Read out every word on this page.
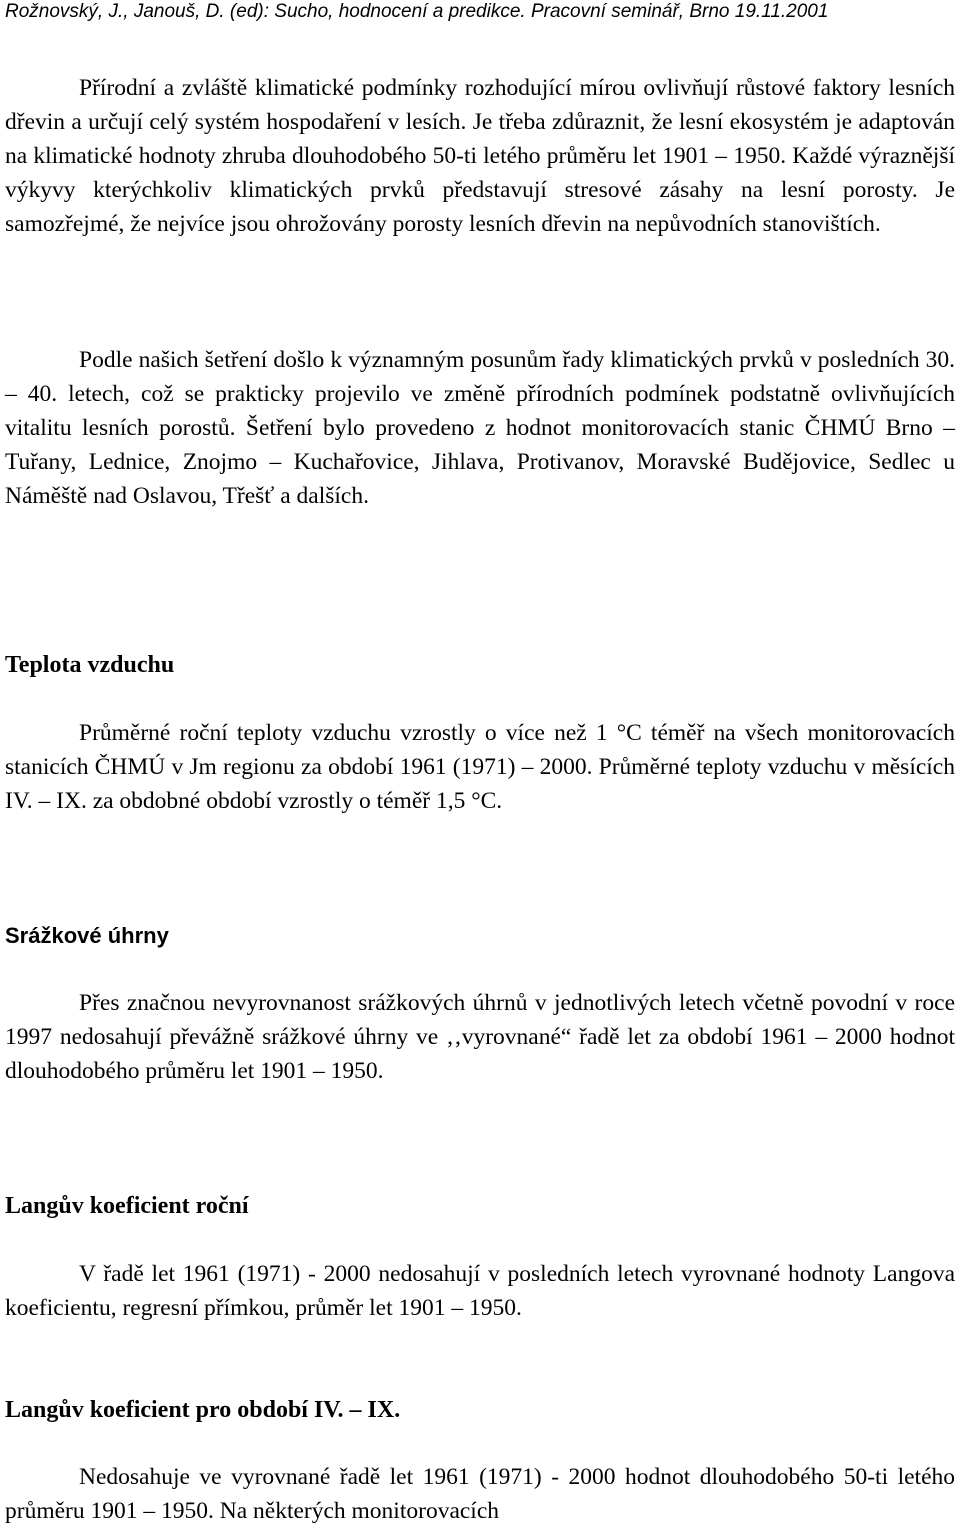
Rožnovský, J., Janouš, D. (ed): Sucho, hodnocení a predikce. Pracovní seminář, Brno 19.11.2001

Přírodní a zvláště klimatické podmínky rozhodující mírou ovlivňují růstové faktory lesních dřevin a určují celý systém hospodaření v lesích. Je třeba zdůraznit, že lesní ekosystém je adaptován na klimatické hodnoty zhruba dlouhodobého 50-ti letého průměru let 1901 – 1950. Každé výraznější výkyvy kterýchkoliv klimatických prvků představují stresové zásahy na lesní porosty. Je samozřejmé, že nejvíce jsou ohrožovány porosty lesních dřevin na nepůvodních stanovištích.

Podle našich šetření došlo k významným posunům řady klimatických prvků v posledních 30. – 40. letech, což se prakticky projevilo ve změně přírodních podmínek podstatně ovlivňujících vitalitu lesních porostů. Šetření bylo provedeno z hodnot monitorovacích stanic ČHMÚ Brno – Tuřany, Lednice, Znojmo – Kuchařovice, Jihlava, Protivanov, Moravské Budějovice, Sedlec u Náměště nad Oslavou, Třešť a dalších.

Teplota vzduchu

Průměrné roční teploty vzduchu vzrostly o více než 1 °C téměř na všech monitorovacích stanicích ČHMÚ v Jm regionu za období 1961 (1971) – 2000. Průměrné teploty vzduchu v měsících IV. – IX. za obdobné období vzrostly o téměř 1,5 °C.

Srážkové úhrny

Přes značnou nevyrovnanost srážkových úhrnů v jednotlivých letech včetně povodní v roce 1997 nedosahují převážně srážkové úhrny ve ‚‚vyrovnané“ řadě let za období 1961 – 2000 hodnot dlouhodobého průměru let 1901 – 1950.

Langův koeficient roční

V řadě let 1961 (1971) - 2000 nedosahují v posledních letech vyrovnané hodnoty Langova koeficientu, regresní přímkou, průměr let 1901 – 1950.

Langův koeficient pro období IV. – IX.

Nedosahuje ve vyrovnané řadě let 1961 (1971) - 2000 hodnot dlouhodobého 50-ti letého průměru 1901 – 1950. Na některých monitorovacích
